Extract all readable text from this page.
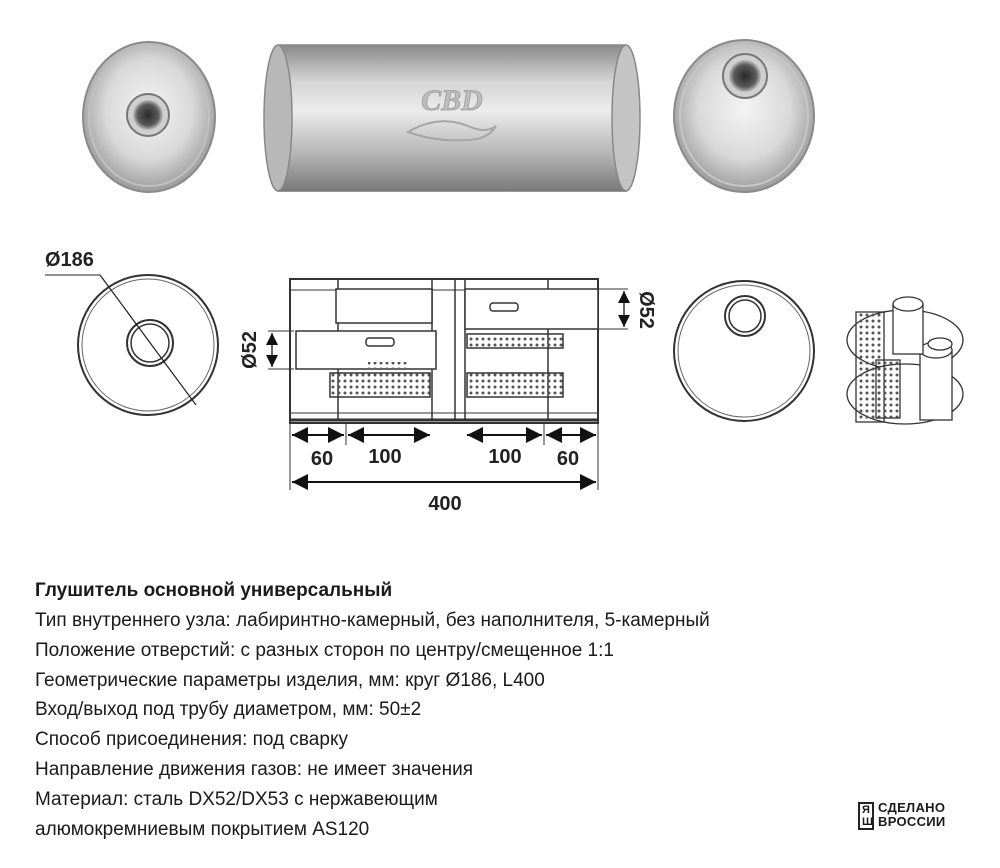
CBD
Ø186
Ø52
Ø52
60 100	100 60
400

Глушитель основной универсальный

Тип внутреннего узла: лабиринтно-камерный, без наполнителя, 5-камерный

Положение отверстий: с разных сторон по центру/смещенное 1:1

Геометрические параметры изделия, мм: круг Ø186, L400

Вход/выход под трубу диаметром, мм: 50±2

Способ присоединения: под сварку

Направление движения газов: не имеет значения

Материал: сталь DX52/DX53 с нержавеющим

алюмокремниевым покрытием AS120

Я
Ш
СДЕЛАНО
ВРОССИИ
